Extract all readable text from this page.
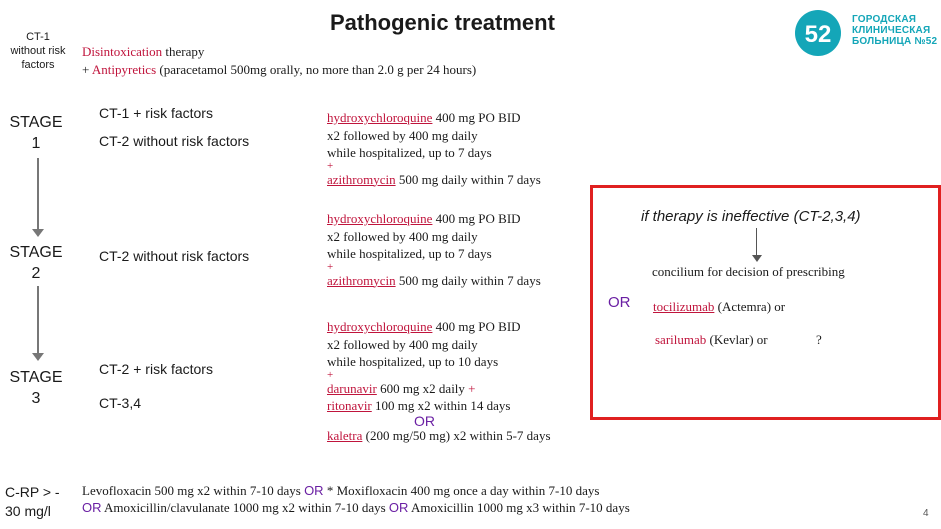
Pathogenic treatment	52
ГОРОДСКАЯ
КЛИНИЧЕСКАЯ
БОЛЬНИЦА №52
CT-1
without risk
factors
Disintoxication therapy
+ Antipyretics (paracetamol 500mg orally, no more than 2.0 g per 24 hours)
STAGE
1
STAGE
2
STAGE
3
CT-1 + risk factors
CT-2 without risk factors
hydroxychloroquine 400 mg PO BID
x2 followed by 400 mg daily
while hospitalized, up to 7 days
+
azithromycin 500 mg daily within 7 days
CT-2 without risk factors
hydroxychloroquine 400 mg PO BID
x2 followed by 400 mg daily
while hospitalized, up to 7 days
+
azithromycin 500 mg daily within 7 days
CT-2 + risk factors
CT-3,4
hydroxychloroquine 400 mg PO BID
x2 followed by 400 mg daily
while hospitalized, up to 10 days
+
darunavir 600 mg x2 daily +
ritonavir 100 mg x2 within 14 days
OR
kaletra (200 mg/50 mg) x2 within 5-7 days
if therapy is ineffective (CT-2,3,4)
concilium for decision of prescribing
OR tocilizumab (Actemra) or
sarilumab (Kevlar) or	?
C-RP > -
30 mg/l
Levofloxacin 500 mg x2 within 7-10 days OR * Moxifloxacin 400 mg once a day within 7-10 days
OR Amoxicillin/clavulanate 1000 mg x2 within 7-10 days OR Amoxicillin 1000 mg x3 within 7-10 days	4
